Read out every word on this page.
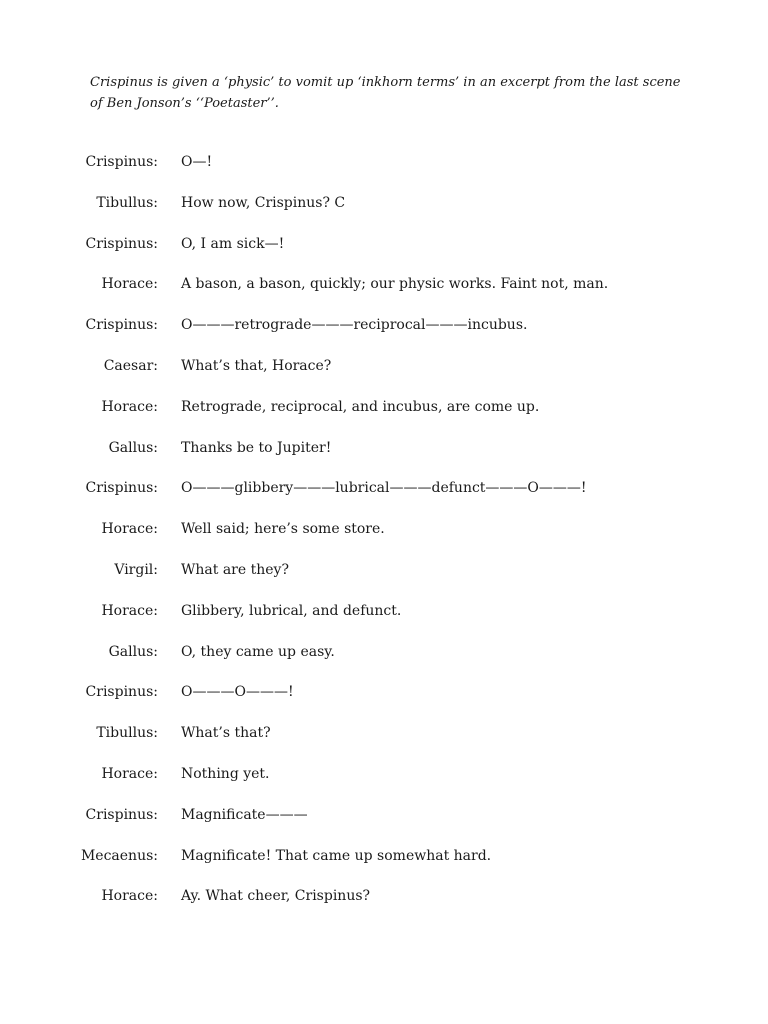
Crispinus is given a ‘physic’ to vomit up ‘inkhorn terms’ in an excerpt from the last scene of Ben Jonson’s ‘‘Poetaster’’.

Crispinus: O—!
Tibullus: How now, Crispinus? C
Crispinus: O, I am sick—!
Horace: A bason, a bason, quickly; our physic works. Faint not, man.
Crispinus: O———retrograde———reciprocal———incubus.
Caesar: What’s that, Horace?
Horace: Retrograde, reciprocal, and incubus, are come up.
Gallus: Thanks be to Jupiter!
Crispinus: O———glibbery———lubrical———defunct———O———!
Horace: Well said; here’s some store.
Virgil: What are they?
Horace: Glibbery, lubrical, and defunct.
Gallus: O, they came up easy.
Crispinus: O———O———!
Tibullus: What’s that?
Horace: Nothing yet.
Crispinus: Magnificate———
Mecaenus: Magnificate! That came up somewhat hard.
Horace: Ay. What cheer, Crispinus?
